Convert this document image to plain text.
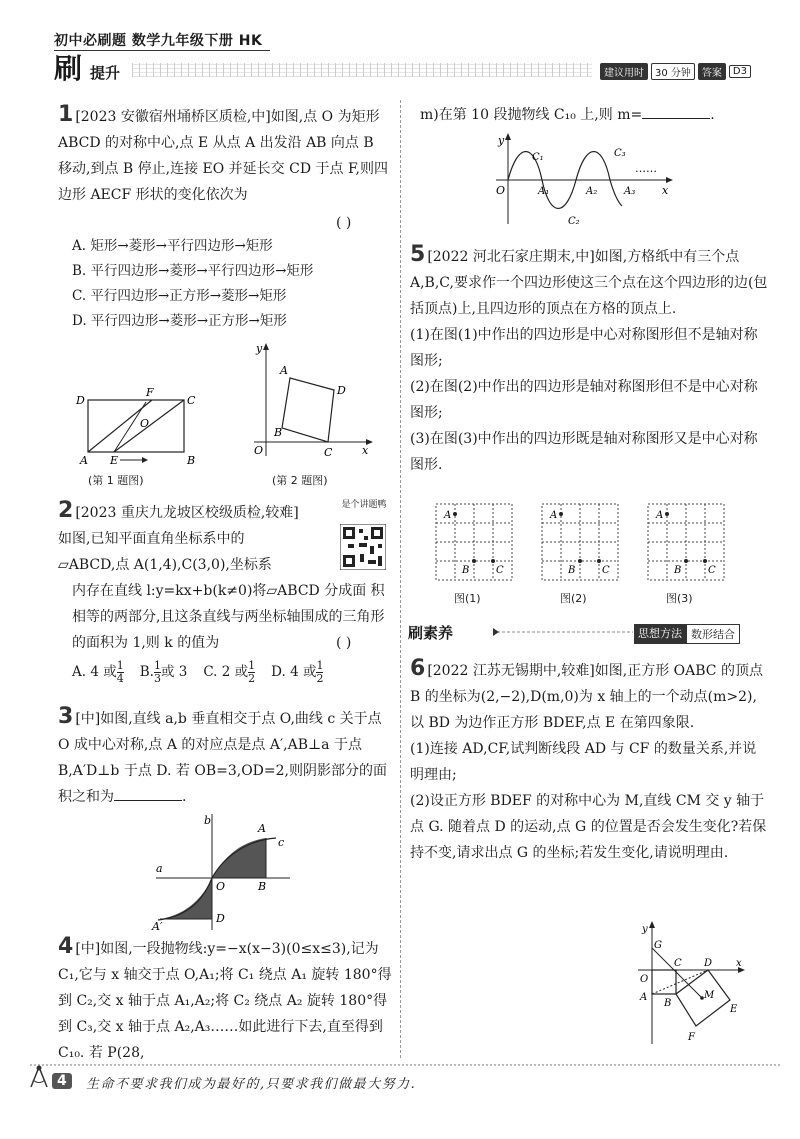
初中必刷题 数学九年级下册 HK
刷 提升	建议用时	30 分钟	答案	D3
1 [2023 安徽宿州埇桥区质检,中]如图,点 O 为矩形 ABCD 的对称中心,点 E 从点 A 出发沿 AB 向点 B 移动,到点 B 停止,连接 EO 并延长交 CD 于点 F,则四边形 AECF 形状的变化依次为
( )
A. 矩形→菱形→平行四边形→矩形
B. 平行四边形→菱形→平行四边形→矩形
C. 平行四边形→正方形→菱形→矩形
D. 平行四边形→菱形→正方形→矩形
D
F
C
O
A E	B
(第 1 题图)
y
x
O
A
D
B
C
(第 2 题图)
2 [2023 重庆九龙坡区校级质检,较难]
如图,已知平面直角坐标系中的
▱ABCD,点 A(1,4),C(3,0),坐标系
是个讲题鸭
内存在直线 l:y=kx+b(k≠0)将▱ABCD 分成面 积相等的两部分,且这条直线与两坐标轴围成的三角形的面积为 1,则 k 的值为	( )
A. 4 或 $\frac{1}{4} B$. $\frac{1}{3}$ 或 3 C. 2 或 $\frac{1}{2} D$. 4 或 $\frac{1}{2}$
3 [中]如图,直线 a,b 垂直相交于点 O,曲线 c 关于点 O 成中心对称,点 A 的对应点是点 A′,AB⊥a 于点 B,A′D⊥b 于点 D. 若 OB=3,OD=2,则阴影部分的面积之和为	.
b
a
A
c
O	B
D
A′
4 [中]如图,一段抛物线:y=−x(x−3)(0≤x≤3),记为 C₁,它与 x 轴交于点 O,A₁;将 C₁ 绕点 A₁ 旋转 180°得到 C₂,交 x 轴于点 A₁,A₂;将 C₂ 绕点 A₂ 旋转 180°得到 C₃,交 x 轴于点 A₂,A₃……如此进行下去,直至得到 C₁₀. 若 P(28,
m)在第 10 段抛物线 C₁₀ 上,则 m=	.
……
y
x
O
C₁
A₁
C₂
A₂
C₃
A₃
5 [2022 河北石家庄期末,中]如图,方格纸中有三个点 A,B,C,要求作一个四边形使这三个点在这个四边形的边(包括顶点)上,且四边形的顶点在方格的顶点上.
(1)在图(1)中作出的四边形是中心对称图形但不是轴对称图形;
(2)在图(2)中作出的四边形是轴对称图形但不是中心对称图形;
(3)在图(3)中作出的四边形既是轴对称图形又是中心对称图形.
A
B	C
A
B	C
A
B	C
图(1)	图(2)	图(3)
刷素养	思想方法 数形结合
6 [2022 江苏无锡期中,较难]如图,正方形 OABC 的顶点 B 的坐标为(2,−2),D(m,0)为 x 轴上的一个动点(m>2),以 BD 为边作正方形 BDEF,点 E 在第四象限.
(1)连接 AD,CF,试判断线段 AD 与 CF 的数量关系,并说明理由;
(2)设正方形 BDEF 的对称中心为 M,直线 CM 交 y 轴于点 G. 随着点 D 的运动,点 G 的位置是否会发生变化?若保持不变,请求出点 G 的坐标;若发生变化,请说明理由.
G
y
x
O
C D
A
B
M
E
F
4	生命不要求我们成为最好的,只要求我们做最大努力.
